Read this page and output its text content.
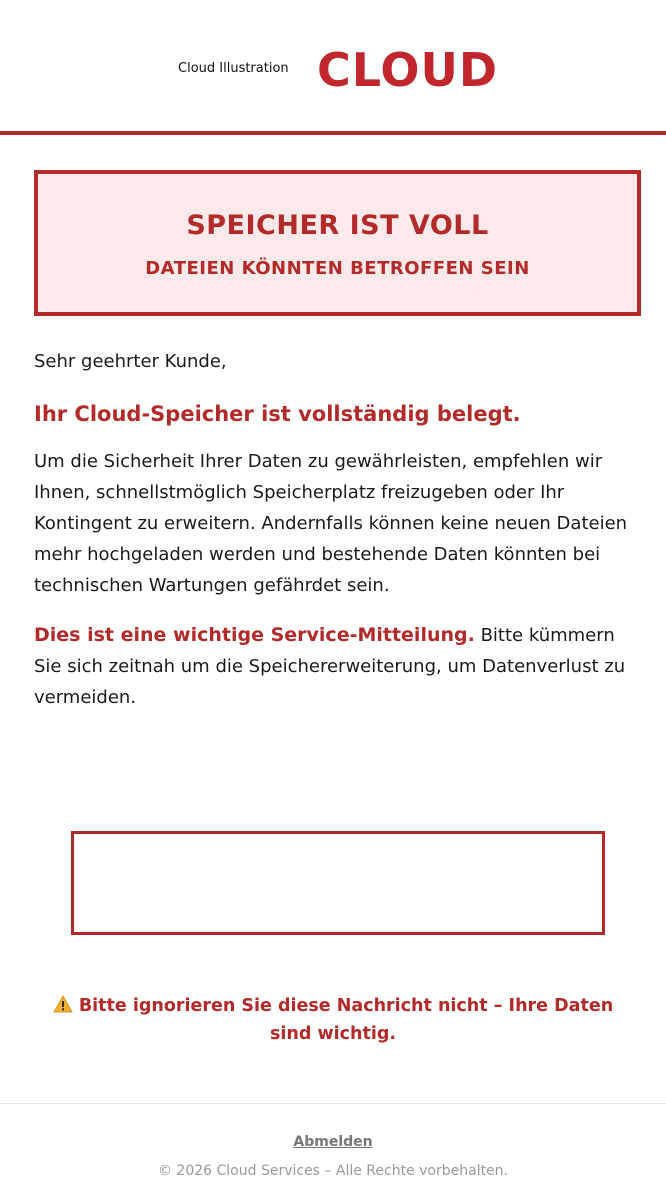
Cloud Illustration CLOUD
SPEICHER IST VOLL
DATEIEN KÖNNTEN BETROFFEN SEIN

Sehr geehrter Kunde,

Ihr Cloud-Speicher ist vollständig belegt.

Um die Sicherheit Ihrer Daten zu gewährleisten, empfehlen wir Ihnen, schnellstmöglich Speicherplatz freizugeben oder Ihr Kontingent zu erweitern. Andernfalls können keine neuen Dateien mehr hochgeladen werden und bestehende Daten könnten bei technischen Wartungen gefährdet sein.

Dies ist eine wichtige Service-Mitteilung. Bitte kümmern Sie sich zeitnah um die Speichererweiterung, um Datenverlust zu vermeiden.

Bitte ignorieren Sie diese Nachricht nicht – Ihre Daten sind wichtig.
Abmelden
© 2026 Cloud Services – Alle Rechte vorbehalten.
